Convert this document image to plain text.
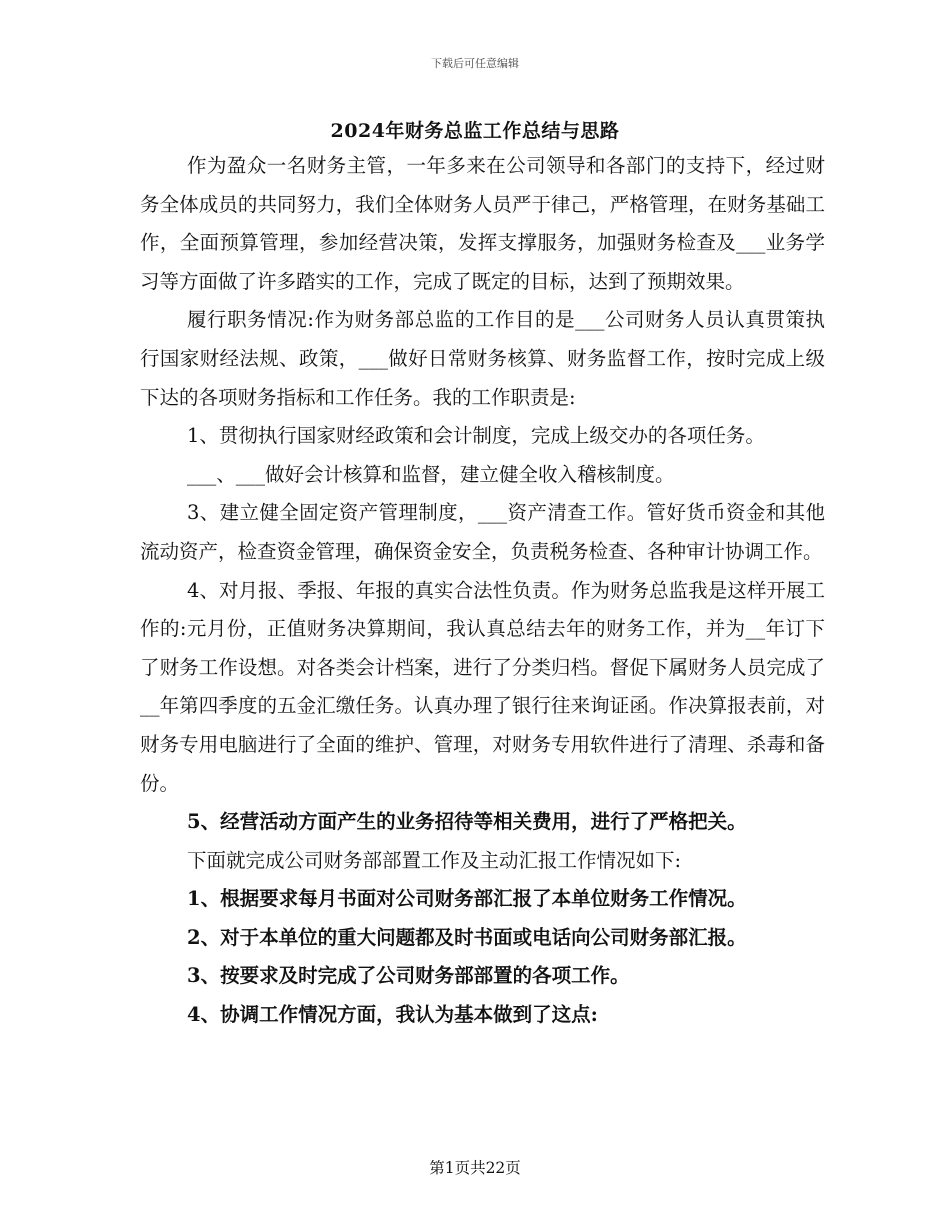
下载后可任意编辑
2024年财务总监工作总结与思路

作为盈众一名财务主管，一年多来在公司领导和各部门的支持下，经过财务全体成员的共同努力，我们全体财务人员严于律己，严格管理，在财务基础工作，全面预算管理，参加经营决策，发挥支撑服务，加强财务检查及___业务学习等方面做了许多踏实的工作，完成了既定的目标，达到了预期效果。

履行职务情况:作为财务部总监的工作目的是___公司财务人员认真贯策执行国家财经法规、政策，___做好日常财务核算、财务监督工作，按时完成上级下达的各项财务指标和工作任务。我的工作职责是:

1、贯彻执行国家财经政策和会计制度，完成上级交办的各项任务。

___、___做好会计核算和监督，建立健全收入稽核制度。

3、建立健全固定资产管理制度，___资产清查工作。管好货币资金和其他流动资产，检查资金管理，确保资金安全，负责税务检查、各种审计协调工作。

4、对月报、季报、年报的真实合法性负责。作为财务总监我是这样开展工作的:元月份，正值财务决算期间，我认真总结去年的财务工作，并为__年订下了财务工作设想。对各类会计档案，进行了分类归档。督促下属财务人员完成了__年第四季度的五金汇缴任务。认真办理了银行往来询证函。作决算报表前，对财务专用电脑进行了全面的维护、管理，对财务专用软件进行了清理、杀毒和备份。

5、经营活动方面产生的业务招待等相关费用，进行了严格把关。

下面就完成公司财务部部置工作及主动汇报工作情况如下:

1、根据要求每月书面对公司财务部汇报了本单位财务工作情况。

2、对于本单位的重大问题都及时书面或电话向公司财务部汇报。

3、按要求及时完成了公司财务部部置的各项工作。

4、协调工作情况方面，我认为基本做到了这点:

第1页共22页
